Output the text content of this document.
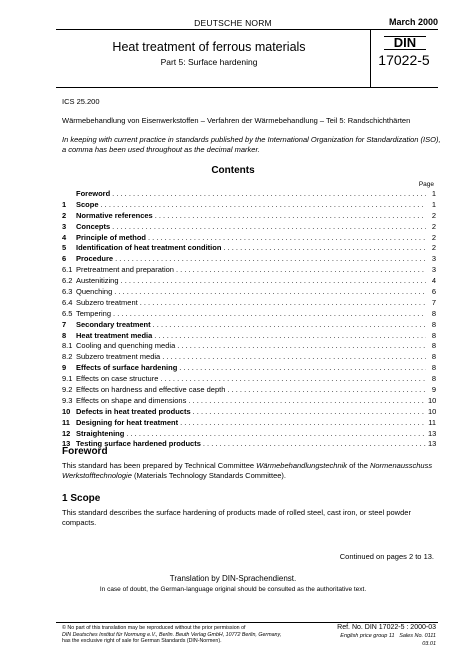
DEUTSCHE NORM	March 2000
Heat treatment of ferrous materials
Part 5: Surface hardening
DIN
17022-5
ICS 25.200
Wärmebehandlung von Eisenwerkstoffen – Verfahren der Wärmebehandlung – Teil 5: Randschichthärten
In keeping with current practice in standards published by the International Organization for Standardization (ISO), a comma has been used throughout as the decimal marker.
Contents
Page
Foreword . . .	1
1	Scope . . .	1
2	Normative references . . .	2
3	Concepts . . .	2
4	Principle of method . . .	2
5	Identification of heat treatment condition . . .	2
6	Procedure . . .	3
6.1 Pretreatment and preparation . . .	3
6.2 Austenitizing . . .	4
6.3 Quenching . . .	6
6.4 Subzero treatment . . .	7
6.5 Tempering . . .	8
7	Secondary treatment . . .	8
8	Heat treatment media . . .	8
8.1 Cooling and quenching media . . .	8
8.2 Subzero treatment media . . .	8
9	Effects of surface hardening . . .	8
9.1 Effects on case structure . . .	8
9.2 Effects on hardness and effective case depth . . .	9
9.3 Effects on shape and dimensions . . .	10
10 Defects in heat treated products . . .	10
11 Designing for heat treatment . . .	11
12 Straightening . . .	13
13 Testing surface hardened products . . .	13
Foreword
This standard has been prepared by Technical Committee Wärmebehandlungstechnik of the Normenausschuss Werkstofftechnologie (Materials Technology Standards Committee).
1 Scope
This standard describes the surface hardening of products made of rolled steel, cast iron, or steel powder compacts.
Continued on pages 2 to 13.
Translation by DIN-Sprachendienst.
In case of doubt, the German-language original should be consulted as the authoritative text.
© No part of this translation may be reproduced without the prior permission of
DIN Deutsches Institut für Normung e.V., Berlin. Beuth Verlag GmbH, 10772 Berlin, Germany,
has the exclusive right of sale for German Standards (DIN-Normen).
Ref. No. DIN 17022-5 : 2000-03
English price group 11 Sales No. 0111
03.01
